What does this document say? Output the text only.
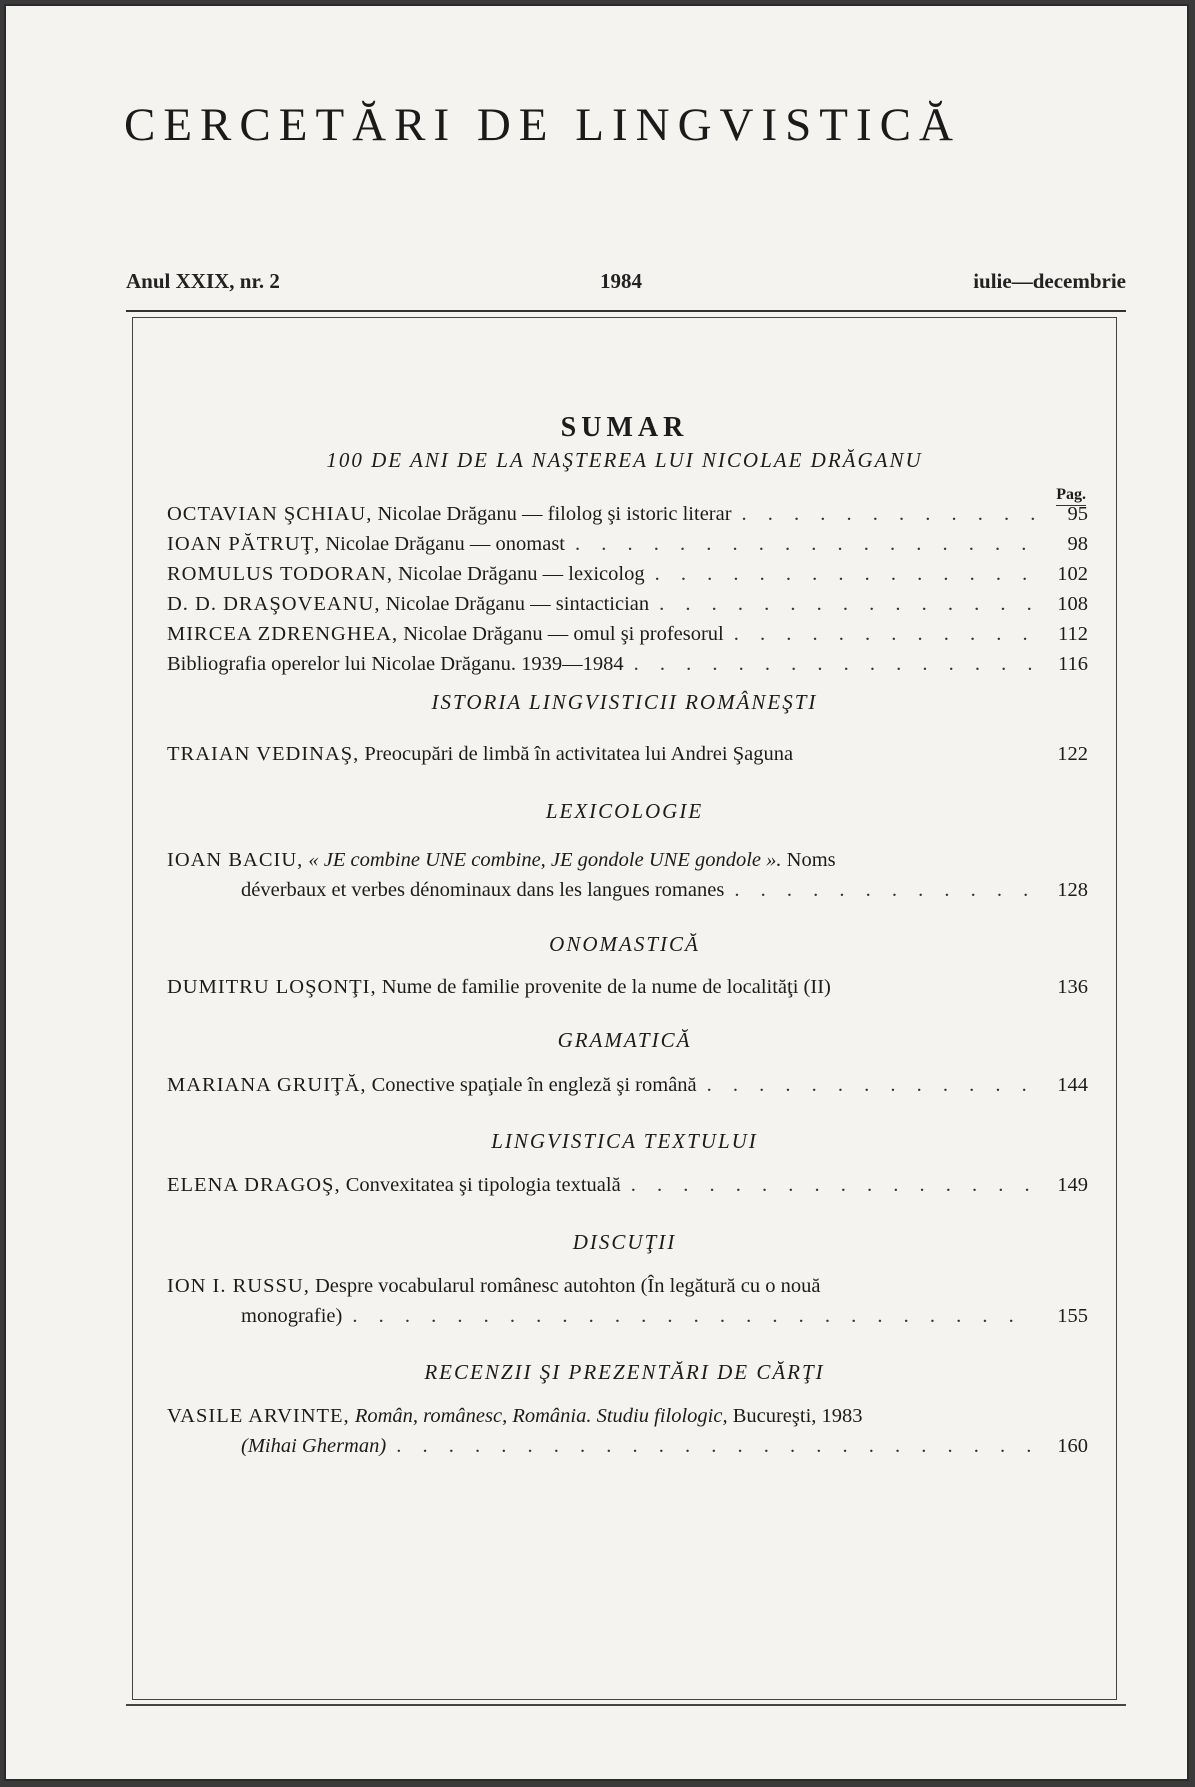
CERCETĂRI DE LINGVISTICĂ
Anul XXIX, nr. 2	1984	iulie—decembrie
SUMAR
Pag.
100 DE ANI DE LA NAŞTEREA LUI NICOLAE DRĂGANU
OCTAVIAN ŞCHIAU, Nicolae Drăganu — filolog şi istoric literar . . .	95
IOAN PĂTRUŢ, Nicolae Drăganu — onomast . . .	98
ROMULUS TODORAN, Nicolae Drăganu — lexicolog . . .	102
D. D. DRAŞOVEANU, Nicolae Drăganu — sintactician . . .	108
MIRCEA ZDRENGHEA, Nicolae Drăganu — omul şi profesorul . . .	112
Bibliografia operelor lui Nicolae Drăganu. 1939—1984 . . .	116
ISTORIA LINGVISTICII ROMÂNEŞTI
TRAIAN VEDINAŞ, Preocupări de limbă în activitatea lui Andrei Şaguna	122
LEXICOLOGIE
IOAN BACIU, « JE combine UNE combine, JE gondole UNE gondole ». Noms
déverbaux et verbes dénominaux dans les langues romanes . . .	128
ONOMASTICĂ
DUMITRU LOŞONŢI, Nume de familie provenite de la nume de localităţi (II)	136
GRAMATICĂ
MARIANA GRUIŢĂ, Conective spaţiale în engleză şi română . . .	144
LINGVISTICA TEXTULUI
ELENA DRAGOŞ, Convexitatea şi tipologia textuală . . .	149
DISCUŢII
ION I. RUSSU, Despre vocabularul românesc autohton (În legătură cu o nouă
monografie) . . .	155
RECENZII ŞI PREZENTĂRI DE CĂRŢI
VASILE ARVINTE, Român, românesc, România. Studiu filologic, Bucureşti, 1983
(Mihai Gherman) . . .	160
